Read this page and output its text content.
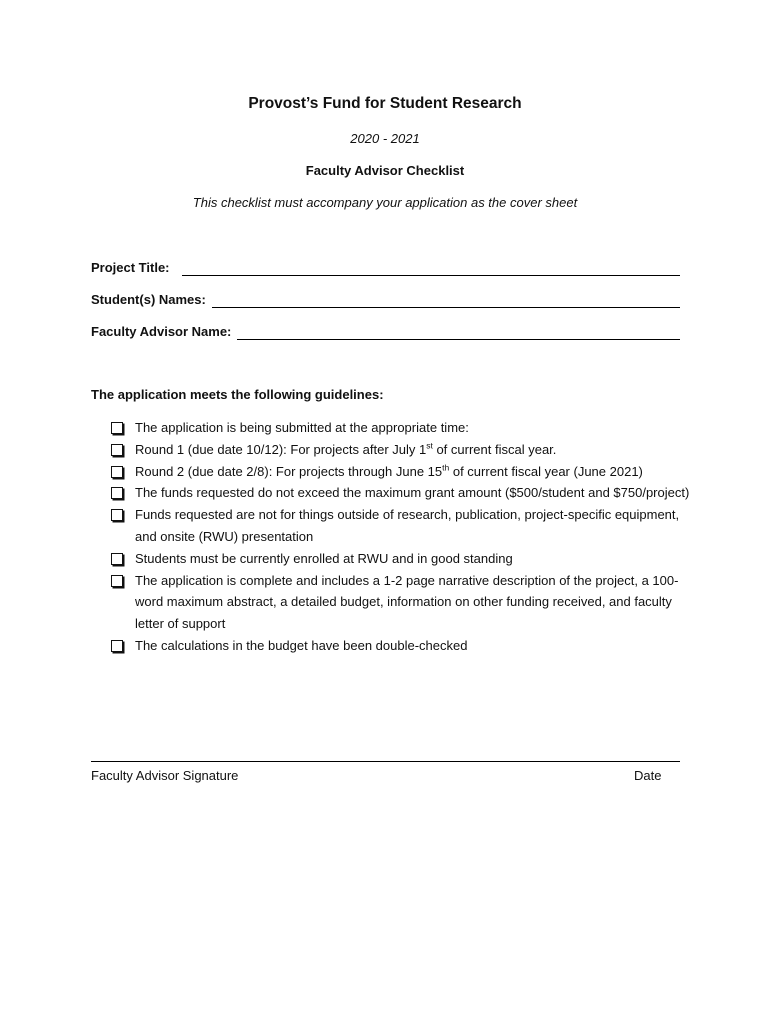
Provost’s Fund for Student Research
2020 - 2021
Faculty Advisor Checklist
This checklist must accompany your application as the cover sheet
Project Title:
Student(s) Names:
Faculty Advisor Name:
The application meets the following guidelines:
The application is being submitted at the appropriate time:
Round 1 (due date 10/12): For projects after July 1st of current fiscal year.
Round 2 (due date 2/8): For projects through June 15th of current fiscal year (June 2021)
The funds requested do not exceed the maximum grant amount ($500/student and $750/project)
Funds requested are not for things outside of research, publication, project-specific equipment, and onsite (RWU) presentation
Students must be currently enrolled at RWU and in good standing
The application is complete and includes a 1-2 page narrative description of the project, a 100-word maximum abstract, a detailed budget, information on other funding received, and faculty letter of support
The calculations in the budget have been double-checked
Faculty Advisor Signature	Date
